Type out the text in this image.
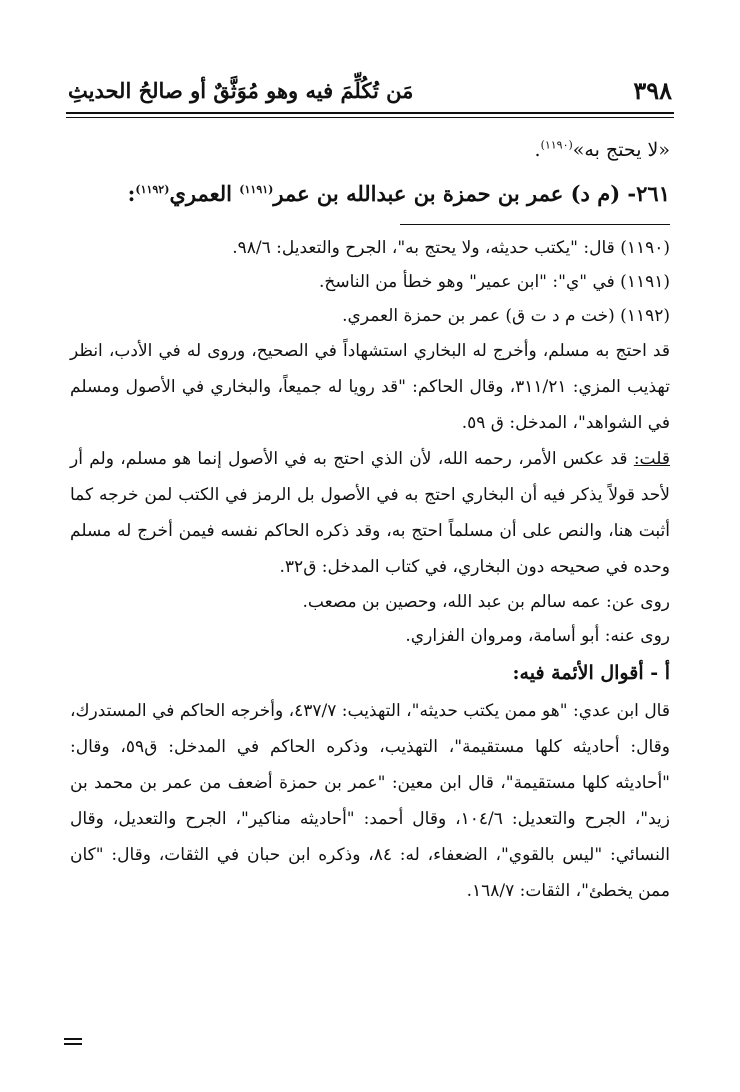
٣٩٨
مَن تُكُلِّمَ فيه وهو مُوَثَّقٌ أو صالحُ الحديثِ

«لا يحتج به»$^{(١١٩٠)}$.

٢٦١- (م د) عمر بن حمزة بن عبدالله بن عمر$^{(١١٩١)}$ العمري$^{(١١٩٢)}$:

(١١٩٠) قال: "يكتب حديثه، ولا يحتج به"، الجرح والتعديل: ٩٨/٦.

(١١٩١) في "ي": "ابن عمير" وهو خطأ من الناسخ.

(١١٩٢) (خت م د ت ق) عمر بن حمزة العمري.

قد احتج به مسلم، وأخرج له البخاري استشهاداً في الصحيح، وروى له في الأدب، انظر تهذيب المزي: ٣١١/٢١، وقال الحاكم: "قد رويا له جميعاً، والبخاري في الأصول ومسلم في الشواهد"، المدخل: ق ٥٩.

قلت: قد عكس الأمر، رحمه الله، لأن الذي احتج به في الأصول إنما هو مسلم، ولم أر لأحد قولاً يذكر فيه أن البخاري احتج به في الأصول بل الرمز في الكتب لمن خرجه كما أثبت هنا، والنص على أن مسلماً احتج به، وقد ذكره الحاكم نفسه فيمن أخرج له مسلم وحده في صحيحه دون البخاري، في كتاب المدخل: ق٣٢.

روى عن: عمه سالم بن عبد الله، وحصين بن مصعب.

روى عنه: أبو أسامة، ومروان الفزاري.

أ - أقوال الأئمة فيه:

قال ابن عدي: "هو ممن يكتب حديثه"، التهذيب: ٤٣٧/٧، وأخرجه الحاكم في المستدرك، وقال: أحاديثه كلها مستقيمة"، التهذيب، وذكره الحاكم في المدخل: ق٥٩، وقال: "أحاديثه كلها مستقيمة"، قال ابن معين: "عمر بن حمزة أضعف من عمر بن محمد بن زيد"، الجرح والتعديل: ١٠٤/٦، وقال أحمد: "أحاديثه مناكير"، الجرح والتعديل، وقال النسائي: "ليس بالقوي"، الضعفاء، له: ٨٤، وذكره ابن حبان في الثقات، وقال: "كان ممن يخطئ"، الثقات: ١٦٨/٧.
